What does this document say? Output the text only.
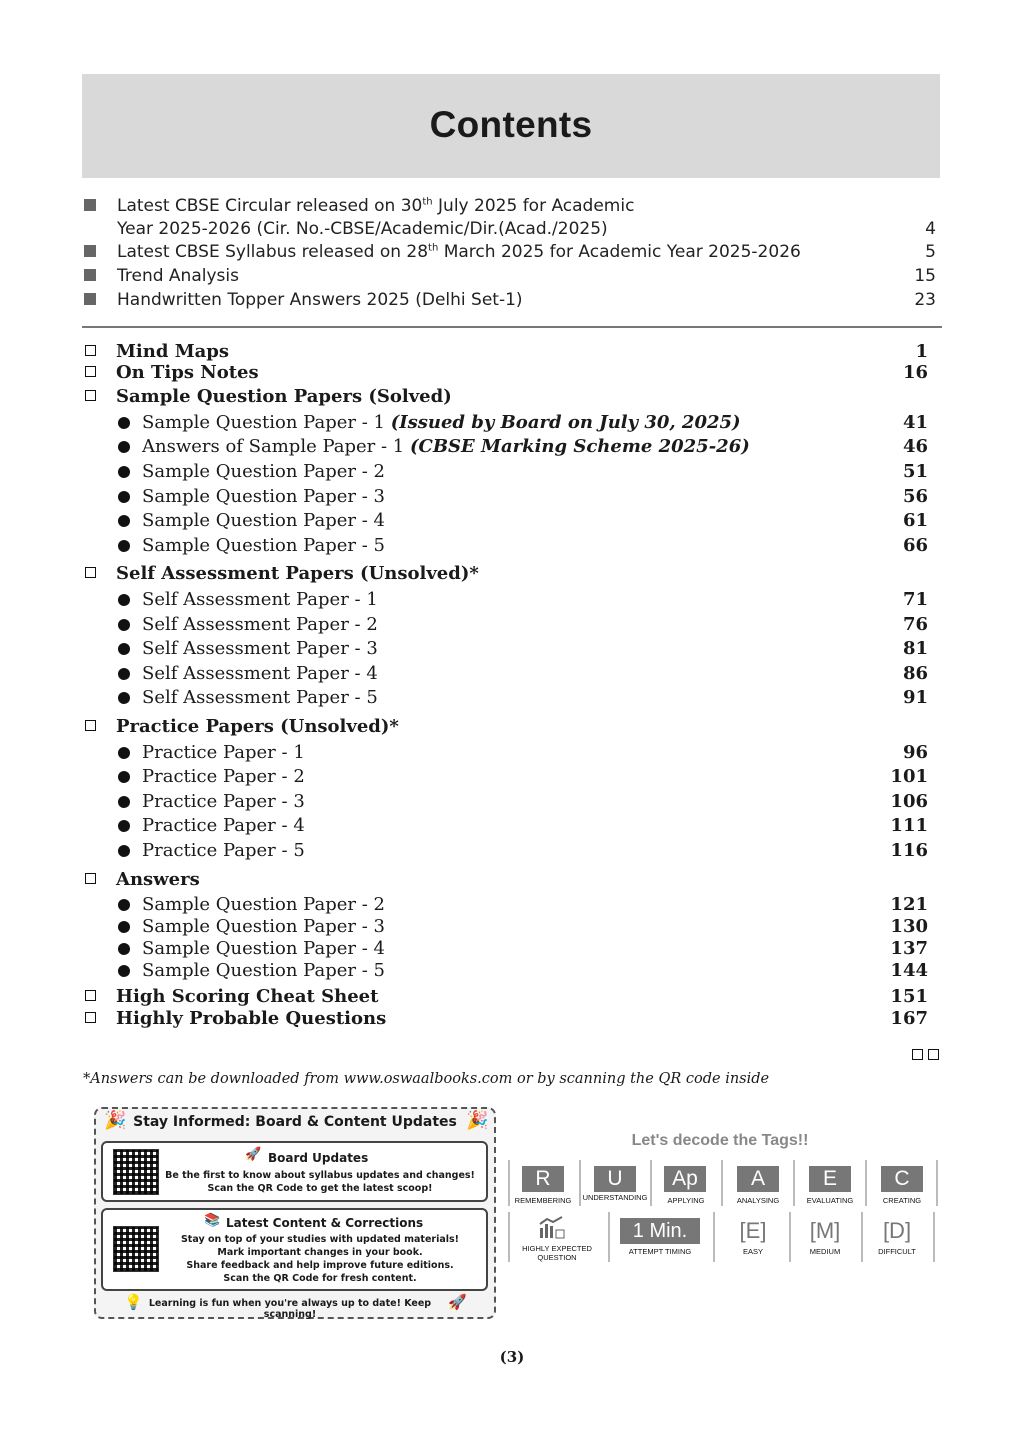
Contents
Latest CBSE Circular released on 30th July 2025 for Academic
Year 2025-2026 (Cir. No.-CBSE/Academic/Dir.(Acad./2025)	4
Latest CBSE Syllabus released on 28th March 2025 for Academic Year 2025-2026	5
Trend Analysis	15
Handwritten Topper Answers 2025 (Delhi Set-1)	23
Mind Maps	1
On Tips Notes	16
Sample Question Papers (Solved)
Sample Question Paper - 1 (Issued by Board on July 30, 2025)	41
Answers of Sample Paper - 1 (CBSE Marking Scheme 2025-26)	46
Sample Question Paper - 2	51
Sample Question Paper - 3	56
Sample Question Paper - 4	61
Sample Question Paper - 5	66
Self Assessment Papers (Unsolved)*
Self Assessment Paper - 1	71
Self Assessment Paper - 2	76
Self Assessment Paper - 3	81
Self Assessment Paper - 4	86
Self Assessment Paper - 5	91
Practice Papers (Unsolved)*
Practice Paper - 1	96
Practice Paper - 2	101
Practice Paper - 3	106
Practice Paper - 4	111
Practice Paper - 5	116
Answers
Sample Question Paper - 2	121
Sample Question Paper - 3	130
Sample Question Paper - 4	137
Sample Question Paper - 5	144
High Scoring Cheat Sheet	151
Highly Probable Questions	167
*Answers can be downloaded from www.oswaalbooks.com or by scanning the QR code inside
🎉	🎉
Stay Informed: Board & Content Updates
🚀 Board Updates
Be the first to know about syllabus updates and changes!
Scan the QR Code to get the latest scoop!
📚 Latest Content & Corrections
Stay on top of your studies with updated materials!
Mark important changes in your book.
Share feedback and help improve future editions.
Scan the QR Code for fresh content.
💡 Learning is fun when you're always up to date! Keep scanning!
🚀
Let's decode the Tags!!
R
REMEMBERING
U
UNDERSTANDING
Ap
APPLYING
A
ANALYSING
E
EVALUATING
C
CREATING
HIGHLY EXPECTED QUESTION
1 Min.
ATTEMPT TIMING
[E]
EASY
[M]
MEDIUM
[D]
DIFFICULT
(3)
